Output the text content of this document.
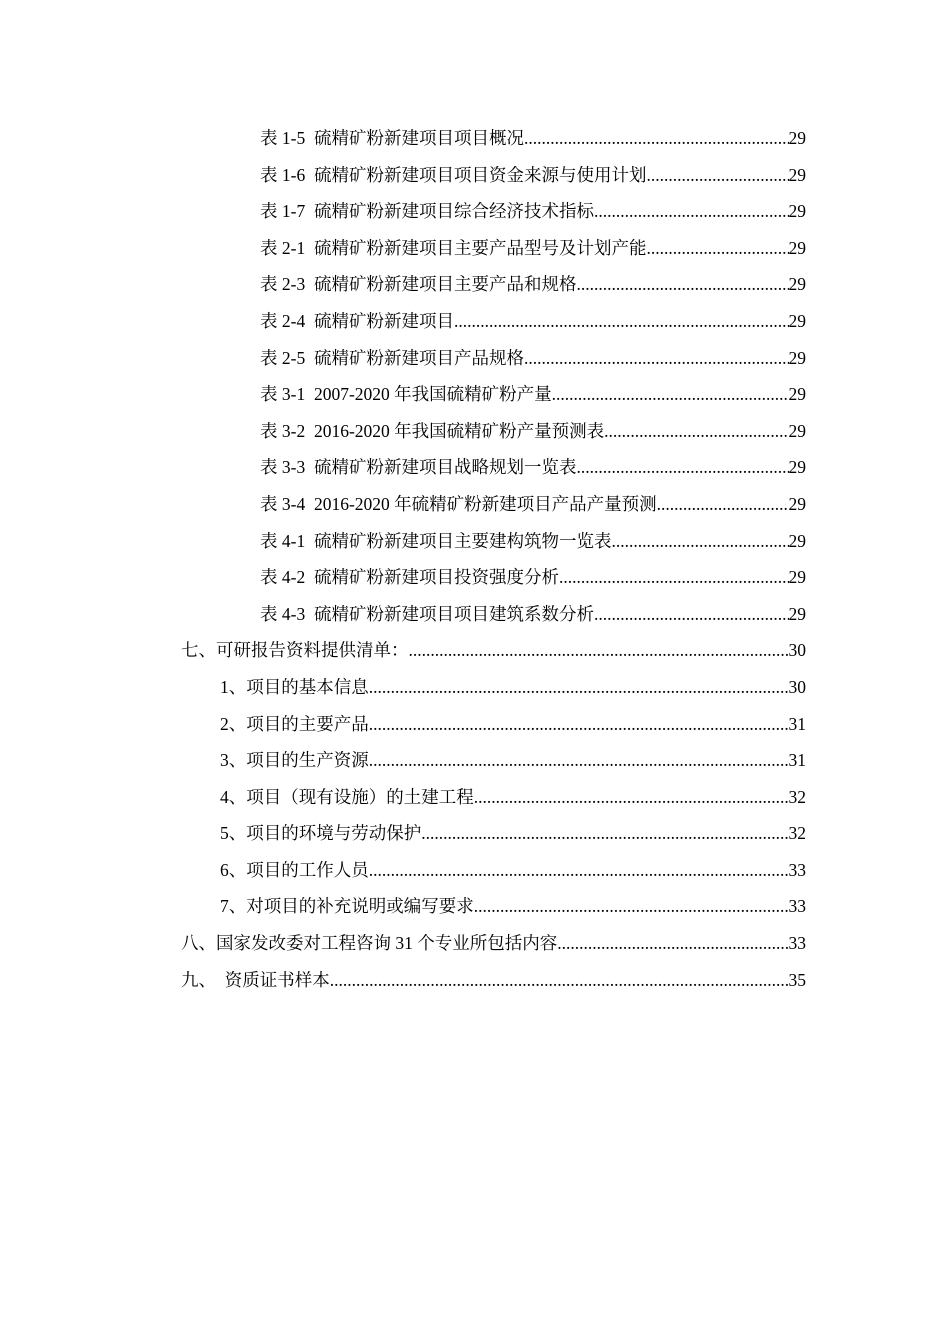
表 1-5  硫精矿粉新建项目项目概况 .....	29
表 1-6  硫精矿粉新建项目项目资金来源与使用计划 .....	29
表 1-7  硫精矿粉新建项目综合经济技术指标 .....	29
表 2-1  硫精矿粉新建项目主要产品型号及计划产能 .....	29
表 2-3  硫精矿粉新建项目主要产品和规格 .....	29
表 2-4  硫精矿粉新建项目 .....	29
表 2-5  硫精矿粉新建项目产品规格 .....	29
表 3-1  2007-2020 年我国硫精矿粉产量 .....	29
表 3-2  2016-2020 年我国硫精矿粉产量预测表 .....	29
表 3-3  硫精矿粉新建项目战略规划一览表 .....	29
表 3-4  2016-2020 年硫精矿粉新建项目产品产量预测 .....	29
表 4-1  硫精矿粉新建项目主要建构筑物一览表 .....	29
表 4-2  硫精矿粉新建项目投资强度分析 .....	29
表 4-3  硫精矿粉新建项目项目建筑系数分析 .....	29
七、可研报告资料提供清单： .....	30
1、项目的基本信息 .....	30
2、项目的主要产品 .....	31
3、项目的生产资源 .....	31
4、项目（现有设施）的土建工程 .....	32
5、项目的环境与劳动保护 .....	32
6、项目的工作人员 .....	33
7、对项目的补充说明或编写要求 .....	33
八、国家发改委对工程咨询 31 个专业所包括内容 .....	33
九、  资质证书样本 .....	35
